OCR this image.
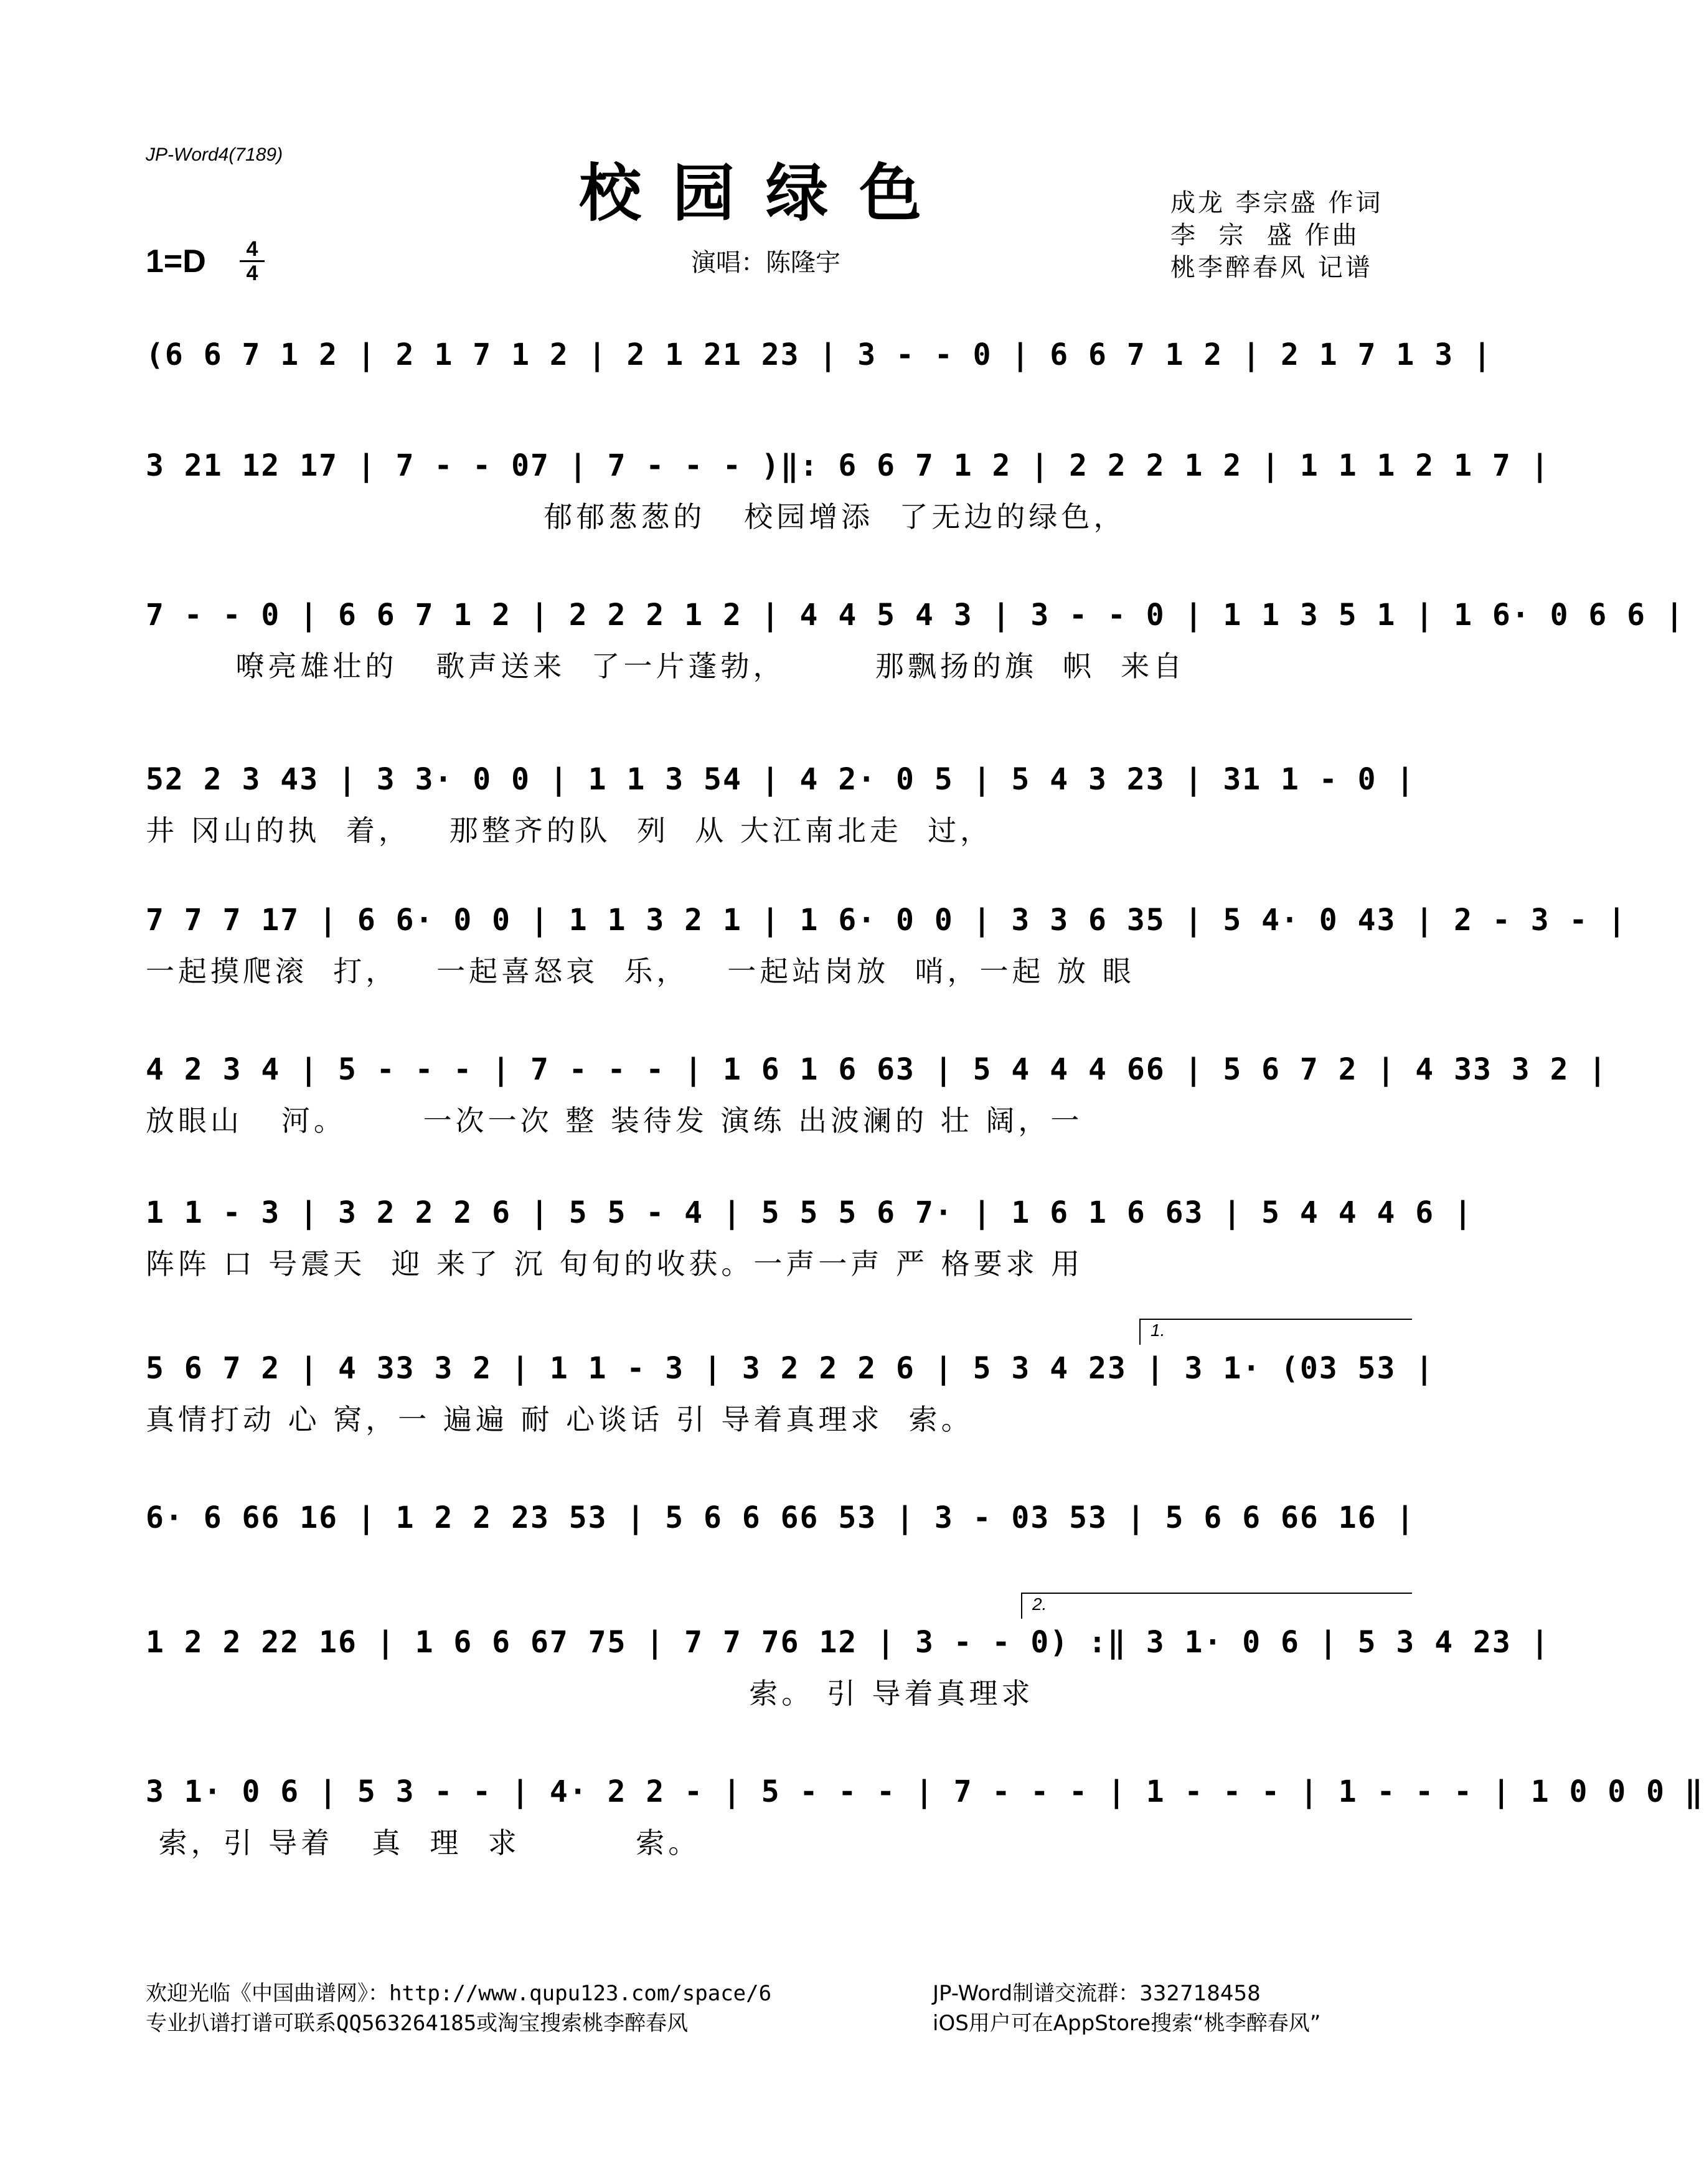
JP-Word4(7189)
校园绿色
$1=D \frac{4}{4}$	演唱：陈隆宇
成龙 李宗盛 作词
李  宗  盛 作曲
桃李醉春风 记谱
(6 6 7 1 2 | 2 1 7 1 2 | 2 1 21 23 | 3 - - 0 | 6 6 7 1 2 | 2 1 7 1 3 |
3 21 12 17 | 7 - - 07 | 7 - - - )‖: 6 6 7 1 2 | 2 2 2 1 2 | 1 1 1 2 1 7 |
郁郁葱葱的   校园增添  了无边的绿色，
7 - - 0 | 6 6 7 1 2 | 2 2 2 1 2 | 4 4 5 4 3 | 3 - - 0 | 1 1 3 5 1 | 1 6· 0 6 6 |
嘹亮雄壮的   歌声送来  了一片蓬勃，       那飘扬的旗  帜  来自
52 2 3 43 | 3 3· 0 0 | 1 1 3 54 | 4 2· 0 5 | 5 4 3 23 | 31 1 - 0 |
井 冈山的执  着，   那整齐的队  列  从 大江南北走  过，
7 7 7 17 | 6 6· 0 0 | 1 1 3 2 1 | 1 6· 0 0 | 3 3 6 35 | 5 4· 0 43 | 2 - 3 - |
一起摸爬滚  打，   一起喜怒哀  乐，   一起站岗放  哨，一起 放 眼
4 2 3 4 | 5 - - - | 7 - - - | 1 6 1 6 63 | 5 4 4 4 66 | 5 6 7 2 | 4 33 3 2 |
放眼山   河。      一次一次 整 装待发 演练 出波澜的 壮 阔，一
1 1 - 3 | 3 2 2 2 6 | 5 5 - 4 | 5 5 5 6 7· | 1 6 1 6 63 | 5 4 4 4 6 |
阵阵 口 号震天  迎 来了 沉 旬旬的收获。一声一声 严 格要求 用
5 6 7 2 | 4 33 3 2 | 1 1 - 3 | 3 2 2 2 6 | 5 3 4 23 | 3 1· (03 53 |
真情打动 心 窝，一 遍遍 耐 心谈话 引 导着真理求  索。
6· 6 66 16 | 1 2 2 23 53 | 5 6 6 66 53 | 3 - 03 53 | 5 6 6 66 16 |
1 2 2 22 16 | 1 6 6 67 75 | 7 7 76 12 | 3 - - 0) :‖ 3 1· 0 6 | 5 3 4 23 |
索。 引 导着真理求
3 1· 0 6 | 5 3 - - | 4· 2 2 - | 5 - - - | 7 - - - | 1 - - - | 1 - - - | 1 0 0 0 ‖
索，引 导着   真  理  求         索。
1.
2.
欢迎光临《中国曲谱网》：http://www.qupu123.com/space/6
专业扒谱打谱可联系QQ563264185或淘宝搜索桃李醉春风
JP-Word制谱交流群：332718458
iOS用户可在AppStore搜索“桃李醉春风”
